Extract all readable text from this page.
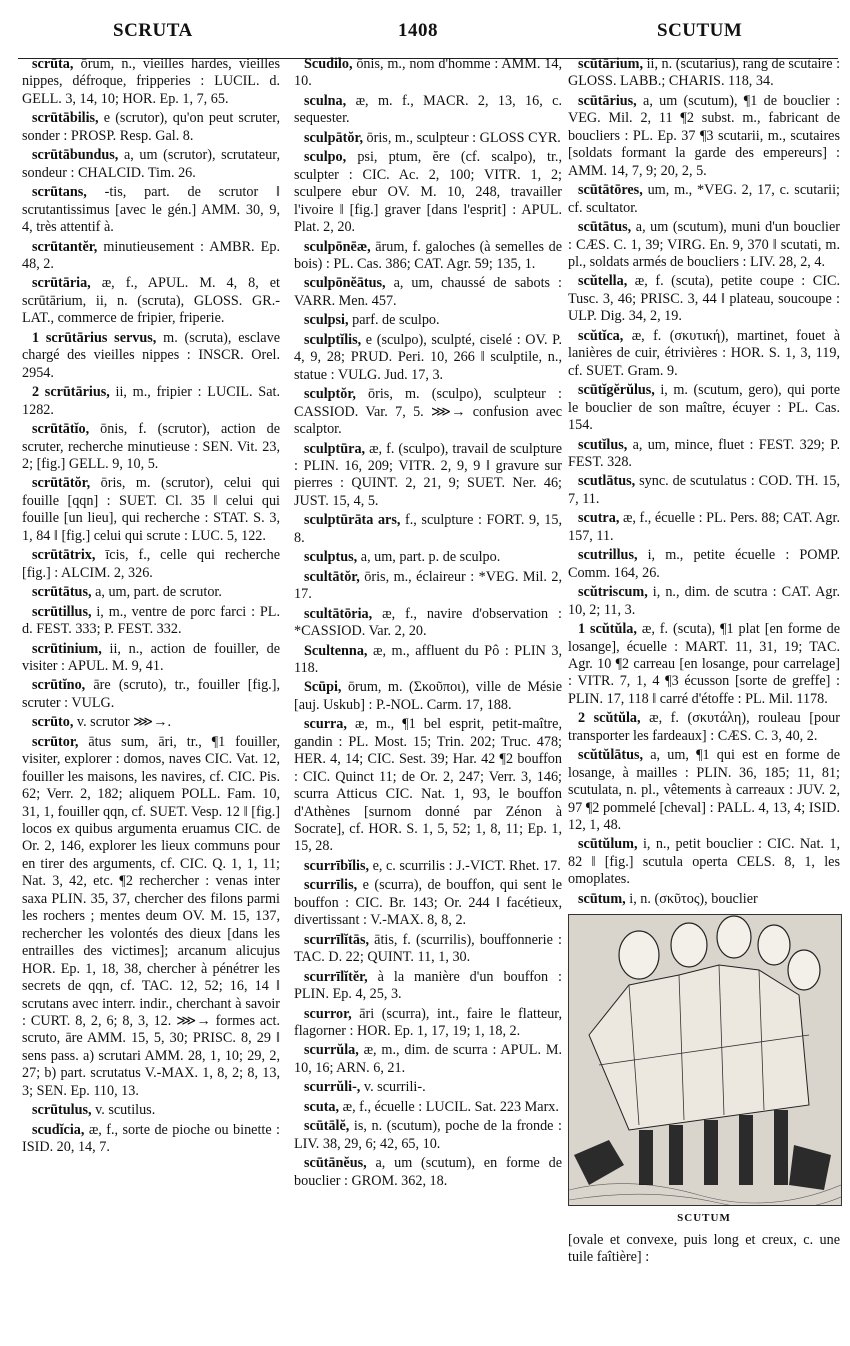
SCRUTA	1408	SCUTUM
scrūta, ōrum, n., vieilles hardes, vieilles nippes, défroque, fripperies : LUCIL. d. GELL. 3, 14, 10; HOR. Ep. 1, 7, 65.
scrūtābilis, e (scrutor), qu'on peut scruter, sonder : PROSP. Resp. Gal. 8.
scrūtābundus, a, um (scrutor), scrutateur, sondeur : CHALCID. Tim. 26.
scrūtans, -tis, part. de scrutor ‖ scrutantissimus [avec le gén.] AMM. 30, 9, 4, très attentif à.
scrūtantĕr, minutieusement : AMBR. Ep. 48, 2.
scrūtāria, æ, f., APUL. M. 4, 8, et scrūtārium, ii, n. (scruta), GLOSS. GR.-LAT., commerce de fripier, friperie.
1 scrūtārius servus, m. (scruta), esclave chargé des vieilles nippes : INSCR. Orel. 2954.
2 scrūtārius, ii, m., fripier : LUCIL. Sat. 1282.
scrūtātĭo, ōnis, f. (scrutor), action de scruter, recherche minutieuse : SEN. Vit. 23, 2; [fig.] GELL. 9, 10, 5.
scrūtātŏr, ōris, m. (scrutor), celui qui fouille [qqn] : SUET. Cl. 35 ‖ celui qui fouille [un lieu], qui recherche : STAT. S. 3, 1, 84 ‖ [fig.] celui qui scrute : LUC. 5, 122.
scrūtātrix, īcis, f., celle qui recherche [fig.] : ALCIM. 2, 326.
scrūtātus, a, um, part. de scrutor.
scrūtillus, i, m., ventre de porc farci : PL. d. FEST. 333; P. FEST. 332.
scrūtinium, ii, n., action de fouiller, de visiter : APUL. M. 9, 41.
scrūtĭno, āre (scruto), tr., fouiller [fig.], scruter : VULG.
scrūto, v. scrutor ⋙→.
scrūtor, ātus sum, āri, tr., ¶1 fouiller, visiter, explorer : domos, naves CIC. Vat. 12, fouiller les maisons, les navires, cf. CIC. Pis. 62; Verr. 2, 182; aliquem POLL. Fam. 10, 31, 1, fouiller qqn, cf. SUET. Vesp. 12 ‖ [fig.] locos ex quibus argumenta eruamus CIC. de Or. 2, 146, explorer les lieux communs pour en tirer des arguments, cf. CIC. Q. 1, 1, 11; Nat. 3, 42, etc. ¶2 rechercher : venas inter saxa PLIN. 35, 37, chercher des filons parmi les rochers ; mentes deum OV. M. 15, 137, rechercher les volontés des dieux [dans les entrailles des victimes]; arcanum alicujus HOR. Ep. 1, 18, 38, chercher à pénétrer les secrets de qqn, cf. TAC. 12, 52; 16, 14 ‖ scrutans avec interr. indir., cherchant à savoir : CURT. 8, 2, 6; 8, 3, 12. ⋙→ formes act. scruto, āre AMM. 15, 5, 30; PRISC. 8, 29 ‖ sens pass. a) scrutari AMM. 28, 1, 10; 29, 2, 27; b) part. scrutatus V.-MAX. 1, 8, 2; 8, 13, 3; SEN. Ep. 110, 13.
scrūtulus, v. scutilus.
scudĭcia, æ, f., sorte de pioche ou binette : ISID. 20, 14, 7.
Scudilo, ōnis, m., nom d'homme : AMM. 14, 10.
sculna, æ, m. f., MACR. 2, 13, 16, c. sequester.
sculpātŏr, ōris, m., sculpteur : GLOSS CYR.
sculpo, psi, ptum, ĕre (cf. scalpo), tr., sculpter : CIC. Ac. 2, 100; VITR. 1, 2; sculpere ebur OV. M. 10, 248, travailler l'ivoire ‖ [fig.] graver [dans l'esprit] : APUL. Plat. 2, 20.
sculpōnēæ, ārum, f. galoches (à semelles de bois) : PL. Cas. 386; CAT. Agr. 59; 135, 1.
sculpōnĕātus, a, um, chaussé de sabots : VARR. Men. 457.
sculpsi, parf. de sculpo.
sculptĭlis, e (sculpo), sculpté, ciselé : OV. P. 4, 9, 28; PRUD. Peri. 10, 266 ‖ sculptile, n., statue : VULG. Jud. 17, 3.
sculptŏr, ōris, m. (sculpo), sculpteur : CASSIOD. Var. 7, 5. ⋙→ confusion avec scalptor.
sculptūra, æ, f. (sculpo), travail de sculpture : PLIN. 16, 209; VITR. 2, 9, 9 ‖ gravure sur pierres : QUINT. 2, 21, 9; SUET. Ner. 46; JUST. 15, 4, 5.
sculptūrāta ars, f., sculpture : FORT. 9, 15, 8.
sculptus, a, um, part. p. de sculpo.
scultātŏr, ōris, m., éclaireur : *VEG. Mil. 2, 17.
scultātōria, æ, f., navire d'observation : *CASSIOD. Var. 2, 20.
Scultenna, æ, m., affluent du Pô : PLIN 3, 118.
Scūpi, ōrum, m. (Σκοῦποι), ville de Mésie [auj. Uskub] : P.-NOL. Carm. 17, 188.
scurra, æ, m., ¶1 bel esprit, petit-maître, gandin : PL. Most. 15; Trin. 202; Truc. 478; HER. 4, 14; CIC. Sest. 39; Har. 42 ¶2 bouffon : CIC. Quinct 11; de Or. 2, 247; Verr. 3, 146; scurra Atticus CIC. Nat. 1, 93, le bouffon d'Athènes [surnom donné par Zénon à Socrate], cf. HOR. S. 1, 5, 52; 1, 8, 11; Ep. 1, 15, 28.
scurrībĭlis, e, c. scurrilis : J.-VICT. Rhet. 17.
scurrīlis, e (scurra), de bouffon, qui sent le bouffon : CIC. Br. 143; Or. 244 ‖ facétieux, divertissant : V.-MAX. 8, 8, 2.
scurrīlĭtās, ātis, f. (scurrilis), bouffonnerie : TAC. D. 22; QUINT. 11, 1, 30.
scurrīlĭtĕr, à la manière d'un bouffon : PLIN. Ep. 4, 25, 3.
scurror, āri (scurra), int., faire le flatteur, flagorner : HOR. Ep. 1, 17, 19; 1, 18, 2.
scurrŭla, æ, m., dim. de scurra : APUL. M. 10, 16; ARN. 6, 21.
scurrŭli-, v. scurrili-.
scuta, æ, f., écuelle : LUCIL. Sat. 223 Marx.
scūtālĕ, is, n. (scutum), poche de la fronde : LIV. 38, 29, 6; 42, 65, 10.
scūtānĕus, a, um (scutum), en forme de bouclier : GROM. 362, 18.
scūtārium, ii, n. (scutarius), rang de scutaire : GLOSS. LABB.; CHARIS. 118, 34.
scūtārius, a, um (scutum), ¶1 de bouclier : VEG. Mil. 2, 11 ¶2 subst. m., fabricant de boucliers : PL. Ep. 37 ¶3 scutarii, m., scutaires [soldats formant la garde des empereurs] : AMM. 14, 7, 9; 20, 2, 5.
scūtātōres, um, m., *VEG. 2, 17, c. scutarii; cf. scultator.
scūtātus, a, um (scutum), muni d'un bouclier : CÆS. C. 1, 39; VIRG. En. 9, 370 ‖ scutati, m. pl., soldats armés de boucliers : LIV. 28, 2, 4.
scŭtella, æ, f. (scuta), petite coupe : CIC. Tusc. 3, 46; PRISC. 3, 44 ‖ plateau, soucoupe : ULP. Dig. 34, 2, 19.
scŭtĭca, æ, f. (σκυτική), martinet, fouet à lanières de cuir, étrivières : HOR. S. 1, 3, 119, cf. SUET. Gram. 9.
scūtĭgĕrŭlus, i, m. (scutum, gero), qui porte le bouclier de son maître, écuyer : PL. Cas. 154.
scutĭlus, a, um, mince, fluet : FEST. 329; P. FEST. 328.
scutlātus, sync. de scutulatus : COD. TH. 15, 7, 11.
scutra, æ, f., écuelle : PL. Pers. 88; CAT. Agr. 157, 11.
scutrillus, i, m., petite écuelle : POMP. Comm. 164, 26.
scŭtriscum, i, n., dim. de scutra : CAT. Agr. 10, 2; 11, 3.
1 scŭtŭla, æ, f. (scuta), ¶1 plat [en forme de losange], écuelle : MART. 11, 31, 19; TAC. Agr. 10 ¶2 carreau [en losange, pour carrelage] : VITR. 7, 1, 4 ¶3 écusson [sorte de greffe] : PLIN. 17, 118 ‖ carré d'étoffe : PL. Mil. 1178.
2 scŭtŭla, æ, f. (σκυτάλη), rouleau [pour transporter les fardeaux] : CÆS. C. 3, 40, 2.
scŭtŭlātus, a, um, ¶1 qui est en forme de losange, à mailles : PLIN. 36, 185; 11, 81; scutulata, n. pl., vêtements à carreaux : JUV. 2, 97 ¶2 pommelé [cheval] : PALL. 4, 13, 4; ISID. 12, 1, 48.
scūtŭlum, i, n., petit bouclier : CIC. Nat. 1, 82 ‖ [fig.] scutula operta CELS. 8, 1, les omoplates.
scūtum, i, n. (σκῦτος), bouclier
SCUTUM
[ovale et convexe, puis long et creux, c. une tuile faîtière] :
